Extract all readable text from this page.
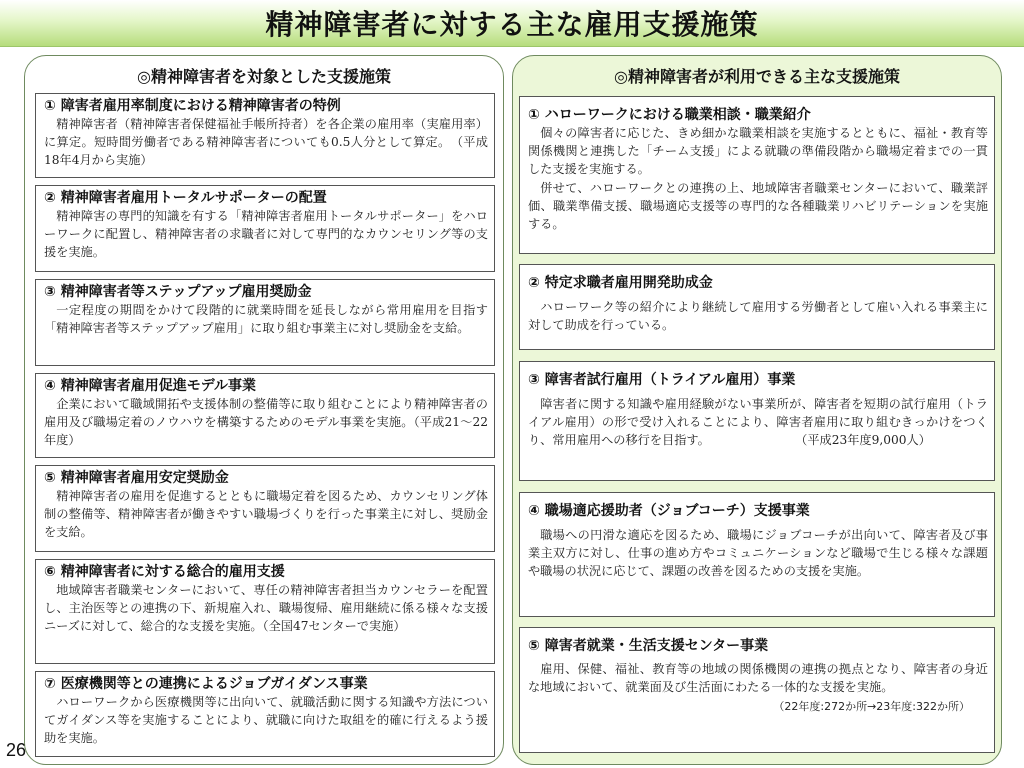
精神障害者に対する主な雇用支援施策
◎精神障害者を対象とした支援施策
① 障害者雇用率制度における精神障害者の特例
精神障害者（精神障害者保健福祉手帳所持者）を各企業の雇用率（実雇用率）に算定。短時間労働者である精神障害者についても0.5人分として算定。　（平成18年4月から実施）
② 精神障害者雇用トータルサポーターの配置
精神障害の専門的知識を有する「精神障害者雇用トータルサポーター」をハローワークに配置し、精神障害者の求職者に対して専門的なカウンセリング等の支援を実施。
③ 精神障害者等ステップアップ雇用奨励金
一定程度の期間をかけて段階的に就業時間を延長しながら常用雇用を目指す 「精神障害者等ステップアップ雇用」に取り組む事業主に対し奨励金を支給。
④ 精神障害者雇用促進モデル事業
企業において職域開拓や支援体制の整備等に取り組むことにより精神障害者の雇用及び職場定着のノウハウを構築するためのモデル事業を実施。（平成21～22年度）
⑤ 精神障害者雇用安定奨励金
精神障害者の雇用を促進するとともに職場定着を図るため、カウンセリング体制の整備等、精神障害者が働きやすい職場づくりを行った事業主に対し、奨励金を支給。
⑥ 精神障害者に対する総合的雇用支援
地域障害者職業センターにおいて、専任の精神障害者担当カウンセラーを配置し、主治医等との連携の下、新規雇入れ、職場復帰、雇用継続に係る様々な支援ニーズに対して、総合的な支援を実施。（全国47センターで実施）
⑦ 医療機関等との連携によるジョブガイダンス事業
ハローワークから医療機関等に出向いて、就職活動に関する知識や方法についてガイダンス等を実施することにより、就職に向けた取組を的確に行えるよう援助を実施。
◎精神障害者が利用できる主な支援施策
① ハローワークにおける職業相談・職業紹介
個々の障害者に応じた、きめ細かな職業相談を実施するとともに、福祉・教育等関係機関と連携した「チーム支援」による就職の準備段階から職場定着までの一貫した支援を実施する。
併せて、ハローワークとの連携の上、地域障害者職業センターにおいて、職業評価、職業準備支援、職場適応支援等の専門的な各種職業リハビリテーションを実施する。
② 特定求職者雇用開発助成金
ハローワーク等の紹介により継続して雇用する労働者として雇い入れる事業主に対して助成を行っている。
③ 障害者試行雇用（トライアル雇用）事業
障害者に関する知識や雇用経験がない事業所が、障害者を短期の試行雇用（トライアル雇用）の形で受け入れることにより、障害者雇用に取り組むきっかけをつくり、常用雇用への移行を目指す。　　　　　　　　（平成23年度9,000人）
④ 職場適応援助者（ジョブコーチ）支援事業
職場への円滑な適応を図るため、職場にジョブコーチが出向いて、障害者及び事業主双方に対し、仕事の進め方やコミュニケーションなど職場で生じる様々な課題や職場の状況に応じて、課題の改善を図るための支援を実施。
⑤ 障害者就業・生活支援センター事業
雇用、保健、福祉、教育等の地域の関係機関の連携の拠点となり、障害者の身近な地域において、就業面及び生活面にわたる一体的な支援を実施。
（22年度:272か所→23年度:322か所）
26
